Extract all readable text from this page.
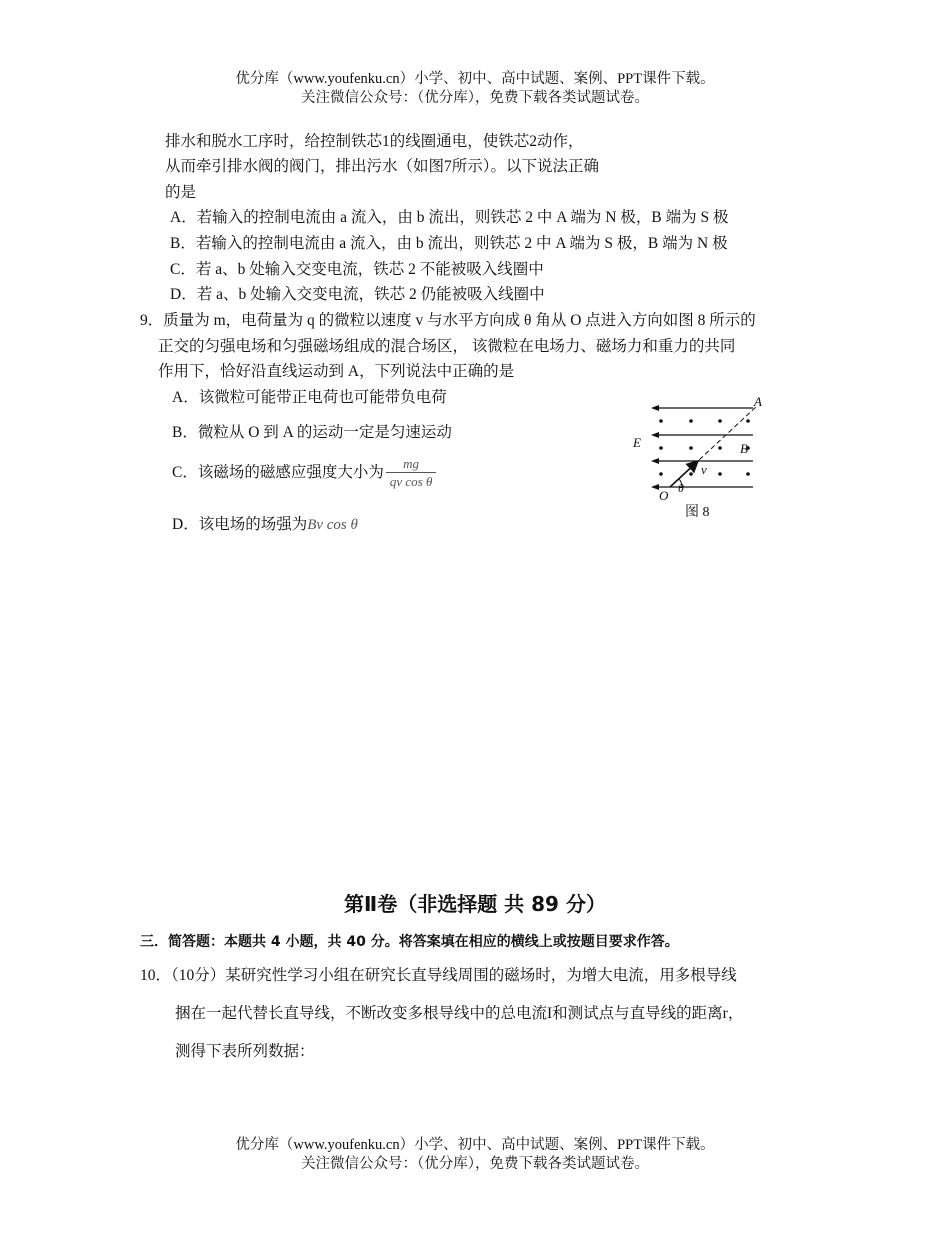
优分库（www.youfenku.cn）小学、初中、高中试题、案例、PPT课件下载。
关注微信公众号：（优分库），免费下载各类试题试卷。
排水和脱水工序时，给控制铁芯1的线圈通电，使铁芯2动作，
从而牵引排水阀的阀门，排出污水（如图7所示）。以下说法正确
的是
A．若输入的控制电流由 a 流入，由 b 流出，则铁芯 2 中 A 端为 N 极，B 端为 S 极
B．若输入的控制电流由 a 流入，由 b 流出，则铁芯 2 中 A 端为 S 极，B 端为 N 极
C．若 a、b 处输入交变电流，铁芯 2 不能被吸入线圈中
D．若 a、b 处输入交变电流，铁芯 2 仍能被吸入线圈中
9．质量为 m，电荷量为 q 的微粒以速度 v 与水平方向成 θ 角从 O 点进入方向如图 8 所示的
正交的匀强电场和匀强磁场组成的混合场区， 该微粒在电场力、磁场力和重力的共同
作用下，恰好沿直线运动到 A，下列说法中正确的是
A．该微粒可能带正电荷也可能带负电荷
B．微粒从 O 到 A 的运动一定是匀速运动
C．该磁场的磁感应强度大小为 $\frac{mg}{\text{qv cos θ}}$
D．该电场的场强为Bv cos θ
A
E	B
v
O θ
图 8
第Ⅱ卷（非选择题 共 89 分）
三．简答题：本题共 4 小题，共 40 分。将答案填在相应的横线上或按题目要求作答。
10．（10分）某研究性学习小组在研究长直导线周围的磁场时，为增大电流，用多根导线
捆在一起代替长直导线，不断改变多根导线中的总电流I和测试点与直导线的距离r，
测得下表所列数据：
优分库（www.youfenku.cn）小学、初中、高中试题、案例、PPT课件下载。
关注微信公众号：（优分库），免费下载各类试题试卷。
